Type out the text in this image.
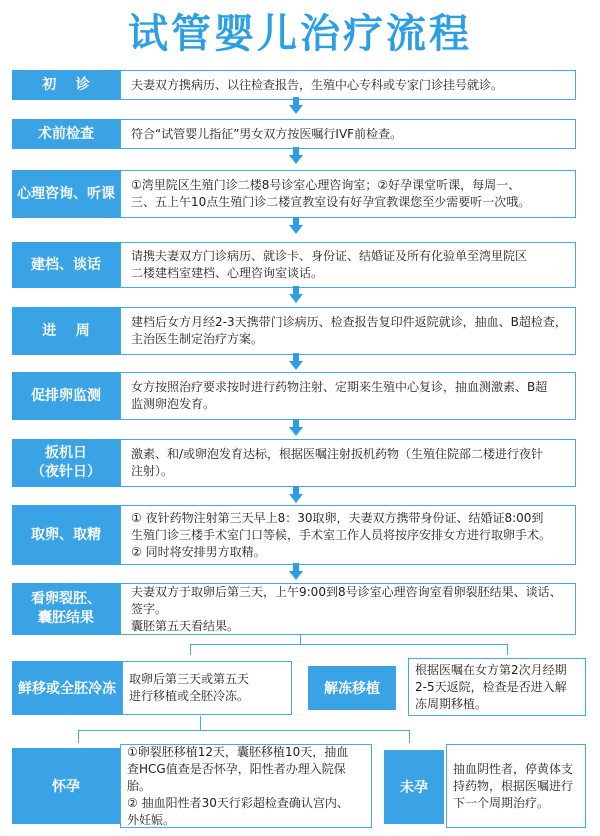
试管婴儿治疗流程
初    诊	夫妻双方携病历、以往检查报告，生殖中心专科或专家门诊挂号就诊。
术前检查	符合“试管婴儿指征”男女双方按医嘱行IVF前检查。
心理咨询、听课
①湾里院区生殖门诊二楼8号诊室心理咨询室；②好孕课堂听课，每周一、
三、五上午10点生殖门诊二楼宣教室设有好孕宣教课您至少需要听一次哦。
建档、谈话
请携夫妻双方门诊病历、就诊卡、身份证、结婚证及所有化验单至湾里院区
二楼建档室建档、心理咨询室谈话。
进    周
建档后女方月经2-3天携带门诊病历、检查报告复印件返院就诊，抽血、B超检查，
主治医生制定治疗方案。
促排卵监测
女方按照治疗要求按时进行药物注射、定期来生殖中心复诊，抽血测激素、B超
监测卵泡发育。
扳机日
（夜针日）
激素、和/或卵泡发育达标，根据医嘱注射扳机药物（生殖住院部二楼进行夜针
注射）。
取卵、取精
① 夜针药物注射第三天早上8：30取卵，夫妻双方携带身份证、结婚证8:00到
生殖门诊三楼手术室门口等候，手术室工作人员将按序安排女方进行取卵手术。
② 同时将安排男方取精。
看卵裂胚、
囊胚结果
夫妻双方于取卵后第三天，上午9:00到8号诊室心理咨询室看卵裂胚结果、谈话、签字。
囊胚第五天看结果。
鲜移或全胚冷冻
取卵后第三天或第五天
进行移植或全胚冷冻。	解冻移植
根据医嘱在女方第2次月经期
2-5天返院，检查是否进入解
冻周期移植。
怀孕
①卵裂胚移植12天，囊胚移植10天，抽血
查HCG值查是否怀孕，阳性者办理入院保胎。
② 抽血阳性者30天行彩超检查确认宫内、
外妊娠。
未孕
抽血阴性者，停黄体支
持药物，根据医嘱进行
下一个周期治疗。
